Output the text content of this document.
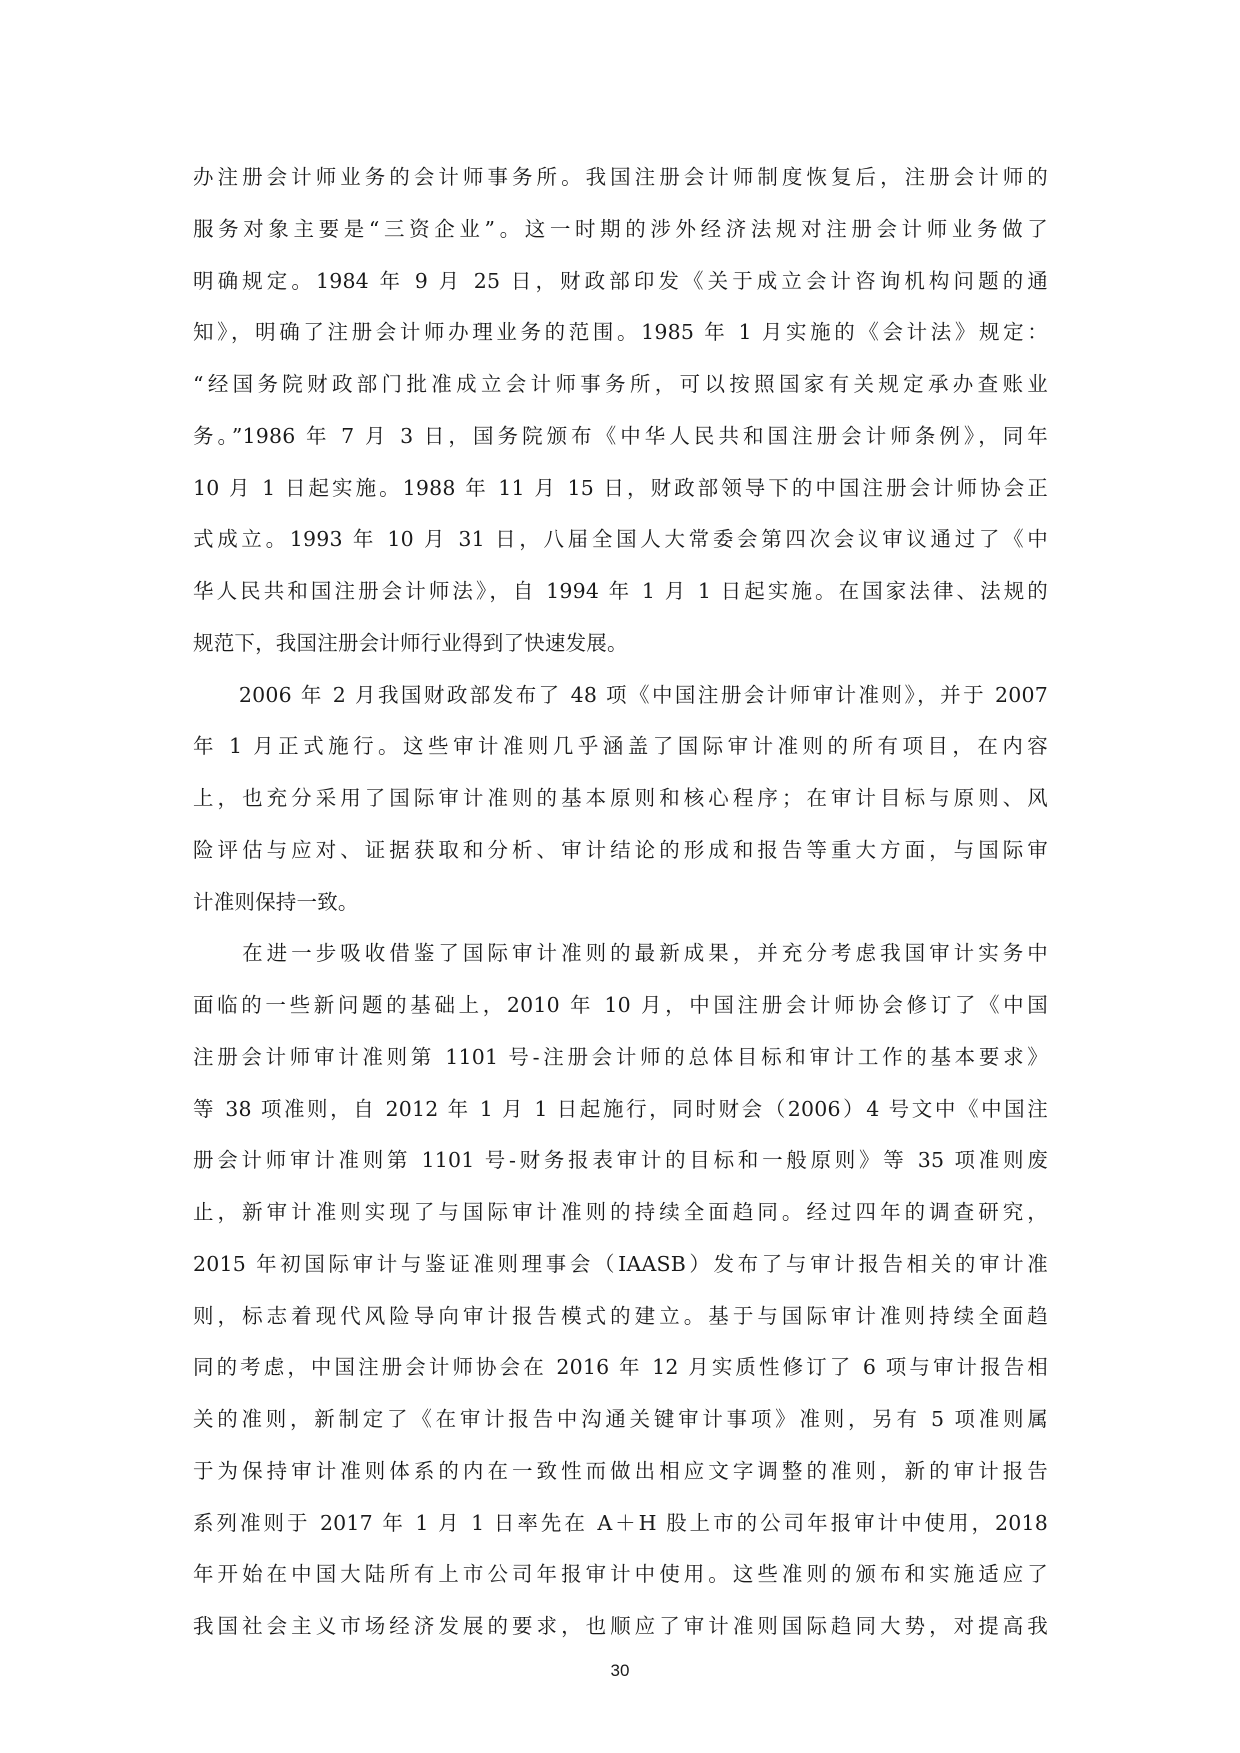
办注册会计师业务的会计师事务所。我国注册会计师制度恢复后，注册会计师的
服务对象主要是“三资企业”。这一时期的涉外经济法规对注册会计师业务做了
明确规定。1984 年 9 月 25 日，财政部印发《关于成立会计咨询机构问题的通
知》，明确了注册会计师办理业务的范围。1985 年 1 月实施的《会计法》规定：
“经国务院财政部门批准成立会计师事务所，可以按照国家有关规定承办查账业
务。”1986 年 7 月 3 日，国务院颁布《中华人民共和国注册会计师条例》，同年
10 月 1 日起实施。1988 年 11 月 15 日，财政部领导下的中国注册会计师协会正
式成立。1993 年 10 月 31 日，八届全国人大常委会第四次会议审议通过了《中
华人民共和国注册会计师法》，自 1994 年 1 月 1 日起实施。在国家法律、法规的
规范下，我国注册会计师行业得到了快速发展。
　　2006 年 2 月我国财政部发布了 48 项《中国注册会计师审计准则》，并于 2007
年 1 月正式施行。这些审计准则几乎涵盖了国际审计准则的所有项目，在内容
上，也充分采用了国际审计准则的基本原则和核心程序；在审计目标与原则、风
险评估与应对、证据获取和分析、审计结论的形成和报告等重大方面，与国际审
计准则保持一致。
　　在进一步吸收借鉴了国际审计准则的最新成果，并充分考虑我国审计实务中
面临的一些新问题的基础上，2010 年 10 月，中国注册会计师协会修订了《中国
注册会计师审计准则第 1101 号-注册会计师的总体目标和审计工作的基本要求》
等 38 项准则，自 2012 年 1 月 1 日起施行，同时财会（2006）4 号文中《中国注
册会计师审计准则第 1101 号-财务报表审计的目标和一般原则》等 35 项准则废
止，新审计准则实现了与国际审计准则的持续全面趋同。经过四年的调查研究，
2015 年初国际审计与鉴证准则理事会（IAASB）发布了与审计报告相关的审计准
则，标志着现代风险导向审计报告模式的建立。基于与国际审计准则持续全面趋
同的考虑，中国注册会计师协会在 2016 年 12 月实质性修订了 6 项与审计报告相
关的准则，新制定了《在审计报告中沟通关键审计事项》准则，另有 5 项准则属
于为保持审计准则体系的内在一致性而做出相应文字调整的准则，新的审计报告
系列准则于 2017 年 1 月 1 日率先在 A＋H 股上市的公司年报审计中使用，2018
年开始在中国大陆所有上市公司年报审计中使用。这些准则的颁布和实施适应了
我国社会主义市场经济发展的要求，也顺应了审计准则国际趋同大势，对提高我
30
